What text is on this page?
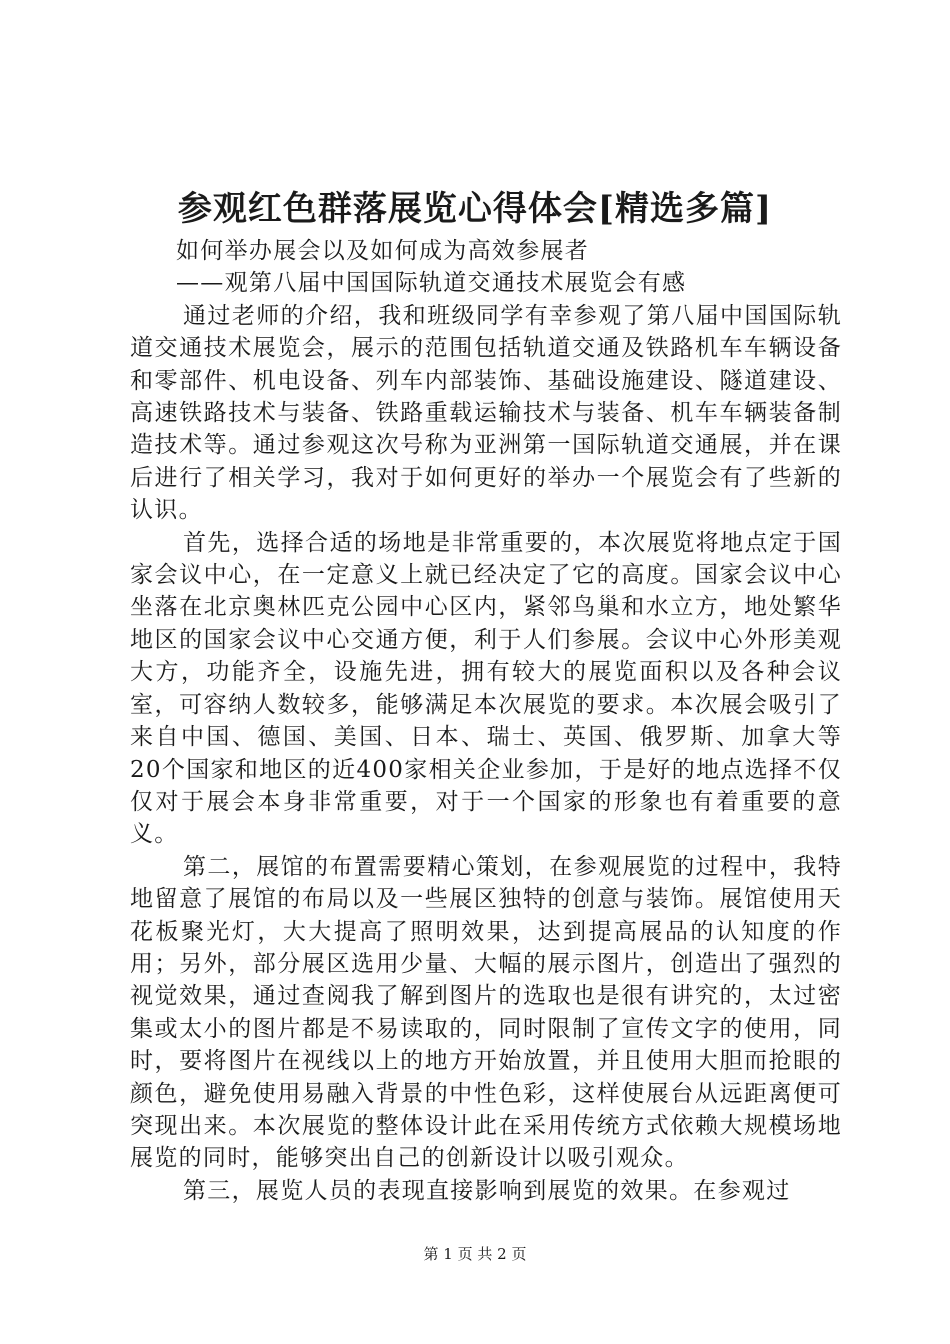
参观红色群落展览心得体会[精选多篇]

如何举办展会以及如何成为高效参展者

——观第八届中国国际轨道交通技术展览会有感

通过老师的介绍，我和班级同学有幸参观了第八届中国国际轨道交通技术展览会，展示的范围包括轨道交通及铁路机车车辆设备和零部件、机电设备、列车内部装饰、基础设施建设、隧道建设、高速铁路技术与装备、铁路重载运输技术与装备、机车车辆装备制造技术等。通过参观这次号称为亚洲第一国际轨道交通展，并在课后进行了相关学习，我对于如何更好的举办一个展览会有了些新的认识。

首先，选择合适的场地是非常重要的，本次展览将地点定于国家会议中心，在一定意义上就已经决定了它的高度。国家会议中心坐落在北京奥林匹克公园中心区内，紧邻鸟巢和水立方，地处繁华地区的国家会议中心交通方便，利于人们参展。会议中心外形美观大方，功能齐全，设施先进，拥有较大的展览面积以及各种会议室，可容纳人数较多，能够满足本次展览的要求。本次展会吸引了来自中国、德国、美国、日本、瑞士、英国、俄罗斯、加拿大等20个国家和地区的近400家相关企业参加，于是好的地点选择不仅仅对于展会本身非常重要，对于一个国家的形象也有着重要的意义。

第二，展馆的布置需要精心策划，在参观展览的过程中，我特地留意了展馆的布局以及一些展区独特的创意与装饰。展馆使用天花板聚光灯，大大提高了照明效果，达到提高展品的认知度的作用；另外，部分展区选用少量、大幅的展示图片，创造出了强烈的视觉效果，通过查阅我了解到图片的选取也是很有讲究的，太过密集或太小的图片都是不易读取的，同时限制了宣传文字的使用，同时，要将图片在视线以上的地方开始放置，并且使用大胆而抢眼的颜色，避免使用易融入背景的中性色彩，这样使展台从远距离便可突现出来。本次展览的整体设计此在采用传统方式依赖大规模场地展览的同时，能够突出自己的创新设计以吸引观众。

第三，展览人员的表现直接影响到展览的效果。在参观过

第 1 页 共 2 页
